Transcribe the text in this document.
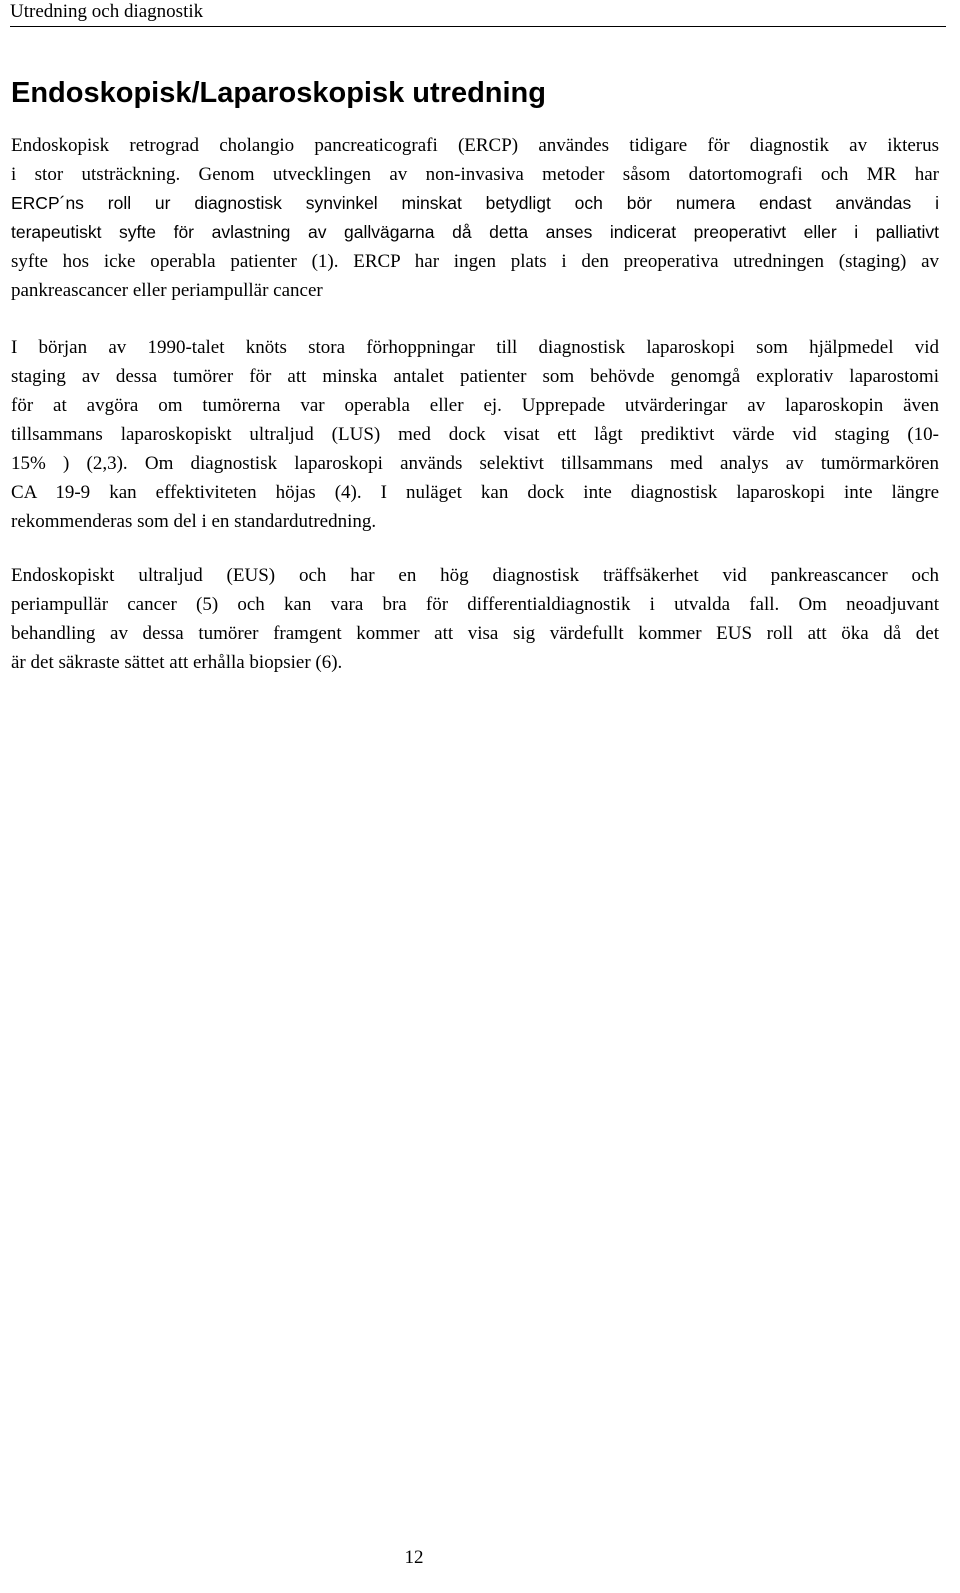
Utredning och diagnostik
Endoskopisk/Laparoskopisk utredning
Endoskopisk retrograd cholangio pancreaticografi (ERCP) användes tidigare för diagnostik av ikterus
i stor utsträckning. Genom utvecklingen av non-invasiva metoder såsom datortomografi och MR har
ERCP´ns roll ur diagnostisk synvinkel minskat betydligt och bör numera endast användas i
terapeutiskt syfte för avlastning av gallvägarna då detta anses indicerat preoperativt eller i palliativt
syfte hos icke operabla patienter (1). ERCP har ingen plats i den preoperativa utredningen (staging) av
pankreascancer eller periampullär cancer
I början av 1990-talet knöts stora förhoppningar till diagnostisk laparoskopi som hjälpmedel vid
staging av dessa tumörer för att minska antalet patienter som behövde genomgå explorativ laparostomi
för at avgöra om tumörerna var operabla eller ej. Upprepade utvärderingar av laparoskopin även
tillsammans laparoskopiskt ultraljud (LUS) med dock visat ett lågt prediktivt värde vid staging (10-
15% ) (2,3). Om diagnostisk laparoskopi används selektivt tillsammans med analys av tumörmarkören
CA 19-9 kan effektiviteten höjas (4). I nuläget kan dock inte diagnostisk laparoskopi inte längre
rekommenderas som del i en standardutredning.
Endoskopiskt ultraljud (EUS) och har en hög diagnostisk träffsäkerhet vid pankreascancer och
periampullär cancer (5) och kan vara bra för differentialdiagnostik i utvalda fall. Om neoadjuvant
behandling av dessa tumörer framgent kommer att visa sig värdefullt kommer EUS roll att öka då det
är det säkraste sättet att erhålla biopsier (6).
12
